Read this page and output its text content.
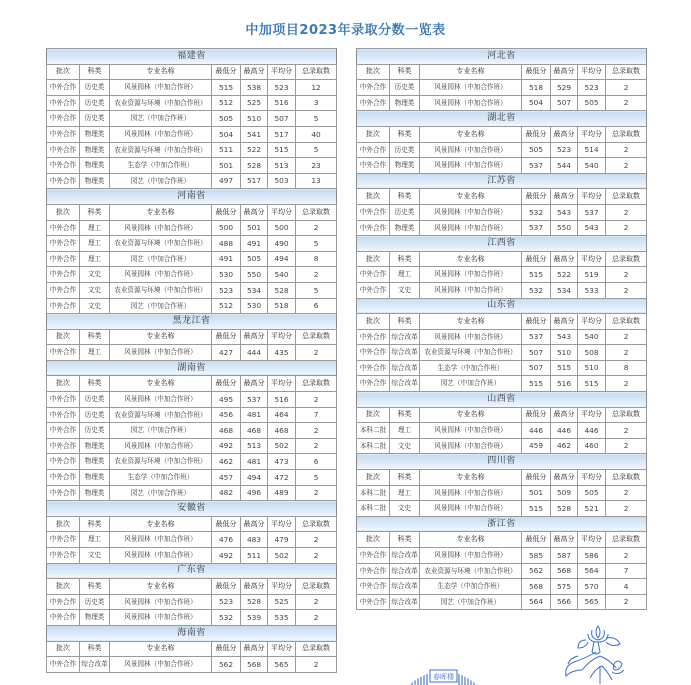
中加项目2023年录取分数一览表
福建省						
批次	科类	专业名称	最低分	最高分	平均分	总录取数
中外合作	历史类	风景园林（中加合作班）	515	538	523	12
中外合作	历史类	农业资源与环境（中加合作班）	512	525	516	3
中外合作	历史类	园艺（中加合作班）	505	510	507	5
中外合作	物理类	风景园林（中加合作班）	504	541	517	40
中外合作	物理类	农业资源与环境（中加合作班）	511	522	515	5
中外合作	物理类	生态学（中加合作班）	501	528	513	23
中外合作	物理类	园艺（中加合作班）	497	517	503	13
河南省						
批次	科类	专业名称	最低分	最高分	平均分	总录取数
中外合作	理工	风景园林（中加合作班）	500	501	500	2
中外合作	理工	农业资源与环境（中加合作班）	488	491	490	5
中外合作	理工	园艺（中加合作班）	491	505	494	8
中外合作	文史	风景园林（中加合作班）	530	550	540	2
中外合作	文史	农业资源与环境（中加合作班）	523	534	528	5
中外合作	文史	园艺（中加合作班）	512	530	518	6
黑龙江省						
批次	科类	专业名称	最低分	最高分	平均分	总录取数
中外合作	理工	风景园林（中加合作班）	427	444	435	2
湖南省						
批次	科类	专业名称	最低分	最高分	平均分	总录取数
中外合作	历史类	风景园林（中加合作班）	495	537	516	2
中外合作	历史类	农业资源与环境（中加合作班）	456	481	464	7
中外合作	历史类	园艺（中加合作班）	468	468	468	2
中外合作	物理类	风景园林（中加合作班）	492	513	502	2
中外合作	物理类	农业资源与环境（中加合作班）	462	481	473	6
中外合作	物理类	生态学（中加合作班）	457	494	472	5
中外合作	物理类	园艺（中加合作班）	482	496	489	2
安徽省						
批次	科类	专业名称	最低分	最高分	平均分	总录取数
中外合作	理工	风景园林（中加合作班）	476	483	479	2
中外合作	文史	风景园林（中加合作班）	492	511	502	2
广东省						
批次	科类	专业名称	最低分	最高分	平均分	总录取数
中外合作	历史类	风景园林（中加合作班）	523	528	525	2
中外合作	物理类	风景园林（中加合作班）	532	539	535	2
海南省						
批次	科类	专业名称	最低分	最高分	平均分	总录取数
中外合作	综合改革	风景园林（中加合作班）	562	568	565	2
河北省						
批次	科类	专业名称	最低分	最高分	平均分	总录取数
中外合作	历史类	风景园林（中加合作班）	518	529	523	2
中外合作	物理类	风景园林（中加合作班）	504	507	505	2
湖北省						
批次	科类	专业名称	最低分	最高分	平均分	总录取数
中外合作	历史类	风景园林（中加合作班）	505	523	514	2
中外合作	物理类	风景园林（中加合作班）	537	544	540	2
江苏省						
批次	科类	专业名称	最低分	最高分	平均分	总录取数
中外合作	历史类	风景园林（中加合作班）	532	543	537	2
中外合作	物理类	风景园林（中加合作班）	537	550	543	2
江西省						
批次	科类	专业名称	最低分	最高分	平均分	总录取数
中外合作	理工	风景园林（中加合作班）	515	522	519	2
中外合作	文史	风景园林（中加合作班）	532	534	533	2
山东省						
批次	科类	专业名称	最低分	最高分	平均分	总录取数
中外合作	综合改革	风景园林（中加合作班）	537	543	540	2
中外合作	综合改革	农业资源与环境（中加合作班）	507	510	508	2
中外合作	综合改革	生态学（中加合作班）	507	515	510	8
中外合作	综合改革	园艺（中加合作班）	515	516	515	2
山西省						
批次	科类	专业名称	最低分	最高分	平均分	总录取数
本科二批	理工	风景园林（中加合作班）	446	446	446	2
本科二批	文史	风景园林（中加合作班）	459	462	460	2
四川省						
批次	科类	专业名称	最低分	最高分	平均分	总录取数
本科二批	理工	风景园林（中加合作班）	501	509	505	2
本科二批	文史	风景园林（中加合作班）	515	528	521	2
浙江省						
批次	科类	专业名称	最低分	最高分	平均分	总录取数
中外合作	综合改革	风景园林（中加合作班）	585	587	586	2
中外合作	综合改革	农业资源与环境（中加合作班）	562	568	564	7
中外合作	综合改革	生态学（中加合作班）	568	575	570	4
中外合作	综合改革	园艺（中加合作班）	564	566	565	2
春晖楼
